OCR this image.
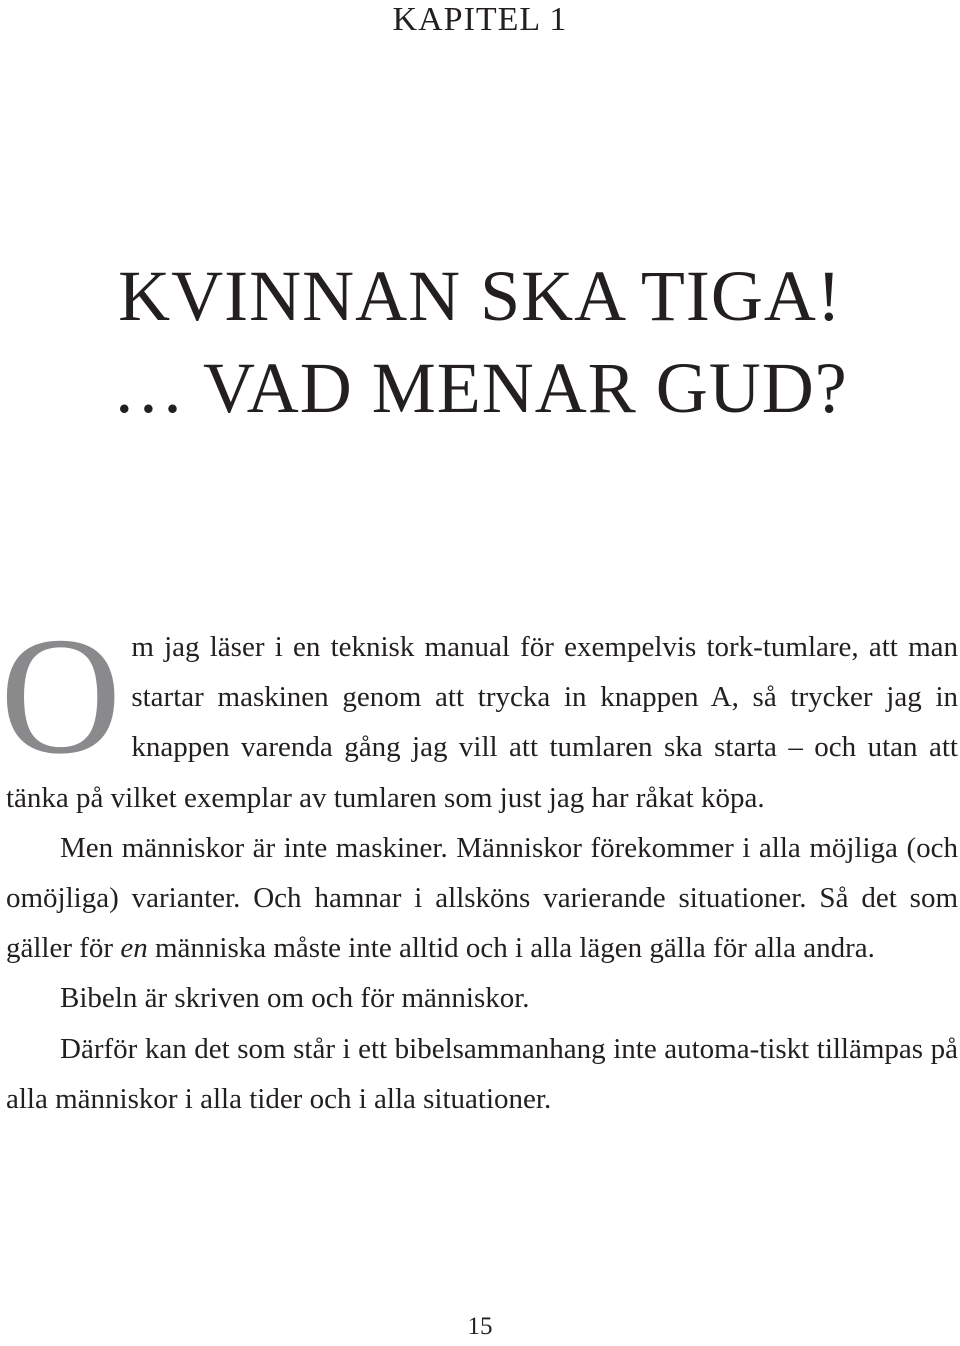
KAPITEL 1
KVINNAN SKA TIGA!
… VAD MENAR GUD?

Om jag läser i en teknisk manual för exempelvis tork-tumlare, att man startar maskinen genom att trycka in knappen A, så trycker jag in knappen varenda gång jag vill att tumlaren ska starta – och utan att tänka på vilket exemplar av tumlaren som just jag har råkat köpa.

Men människor är inte maskiner. Människor förekommer i alla möjliga (och omöjliga) varianter. Och hamnar i allsköns varierande situationer. Så det som gäller för en människa måste inte alltid och i alla lägen gälla för alla andra.

Bibeln är skriven om och för människor.

Därför kan det som står i ett bibelsammanhang inte automa-tiskt tillämpas på alla människor i alla tider och i alla situationer.

15
